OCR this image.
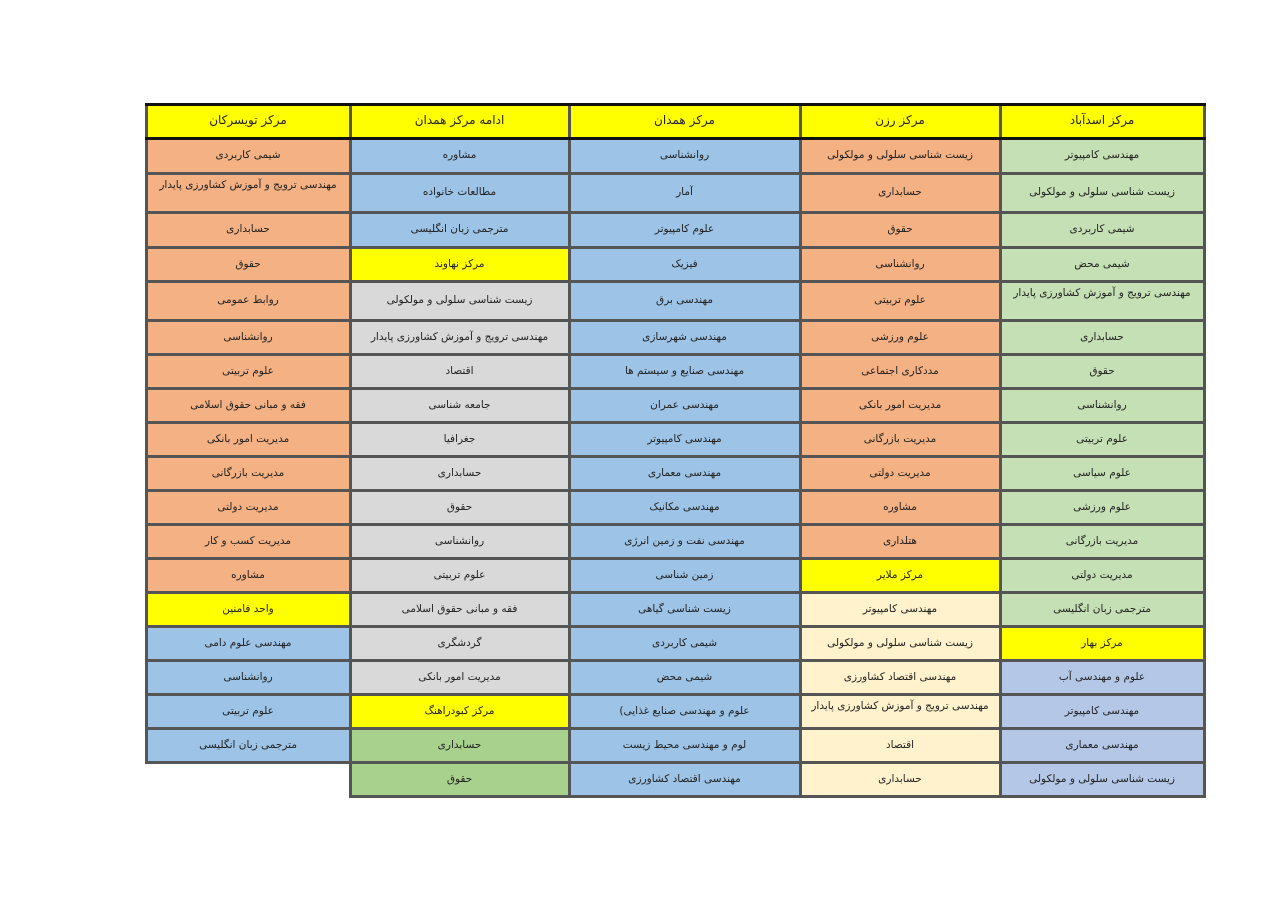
مرکز تویسرکان
شیمی کاربردی
مهندسی ترویج و آموزش کشاورزی پایدار
حسابداری
حقوق
روابط عمومی
روانشناسی
علوم تربیتی
فقه و مبانی حقوق اسلامی
مدیریت امور بانکی
مدیریت بازرگانی
مدیریت دولتی
مدیریت کسب و کار
مشاوره
واحد فامنین
مهندسی علوم دامی
روانشناسی
علوم تربیتی
مترجمی زبان انگلیسی
ادامه مرکز همدان
مشاوره
مطالعات خانواده
مترجمی زبان انگلیسی
مرکز نهاوند
زیست شناسی سلولی و مولکولی
مهندسی ترویج و آموزش کشاورزی پایدار
اقتصاد
جامعه شناسی
جغرافیا
حسابداری
حقوق
روانشناسی
علوم تربیتی
فقه و مبانی حقوق اسلامی
گردشگری
مدیریت امور بانکی
مرکز کبودراهنگ
حسابداری
حقوق
مرکز همدان
روانشناسی
آمار
علوم کامپیوتر
فیزیک
مهندسی برق
مهندسی شهرسازی
مهندسی صنایع و سیستم ها
مهندسی عمران
مهندسی کامپیوتر
مهندسی معماری
مهندسی مکانیک
مهندسی نفت و زمین انرژی
زمین شناسی
زیست شناسی گیاهی
شیمی کاربردی
شیمی محض
علوم و مهندسی صنایع غذایی)
لوم و مهندسی محیط زیست
مهندسی اقتصاد کشاورزی
مرکز رزن
زیست شناسی سلولی و مولکولی
حسابداری
حقوق
روانشناسی
علوم تربیتی
علوم ورزشی
مددکاری اجتماعی
مدیریت امور بانکی
مدیریت بازرگانی
مدیریت دولتی
مشاوره
هتلداری
مرکز ملایر
مهندسی کامپیوتر
زیست شناسی سلولی و مولکولی
مهندسی اقتصاد کشاورزی
مهندسی ترویج و آموزش کشاورزی پایدار
اقتصاد
حسابداری
مرکز اسدآباد
مهندسی کامپیوتر
زیست شناسی سلولی و مولکولی
شیمی کاربردی
شیمی محض
مهندسی ترویج و آموزش کشاورزی پایدار
حسابداری
حقوق
روانشناسی
علوم تربیتی
علوم سیاسی
علوم ورزشی
مدیریت بازرگانی
مدیریت دولتی
مترجمی زبان انگلیسی
مرکز بهار
علوم و مهندسی آب
مهندسی کامپیوتر
مهندسی معماری
زیست شناسی سلولی و مولکولی
